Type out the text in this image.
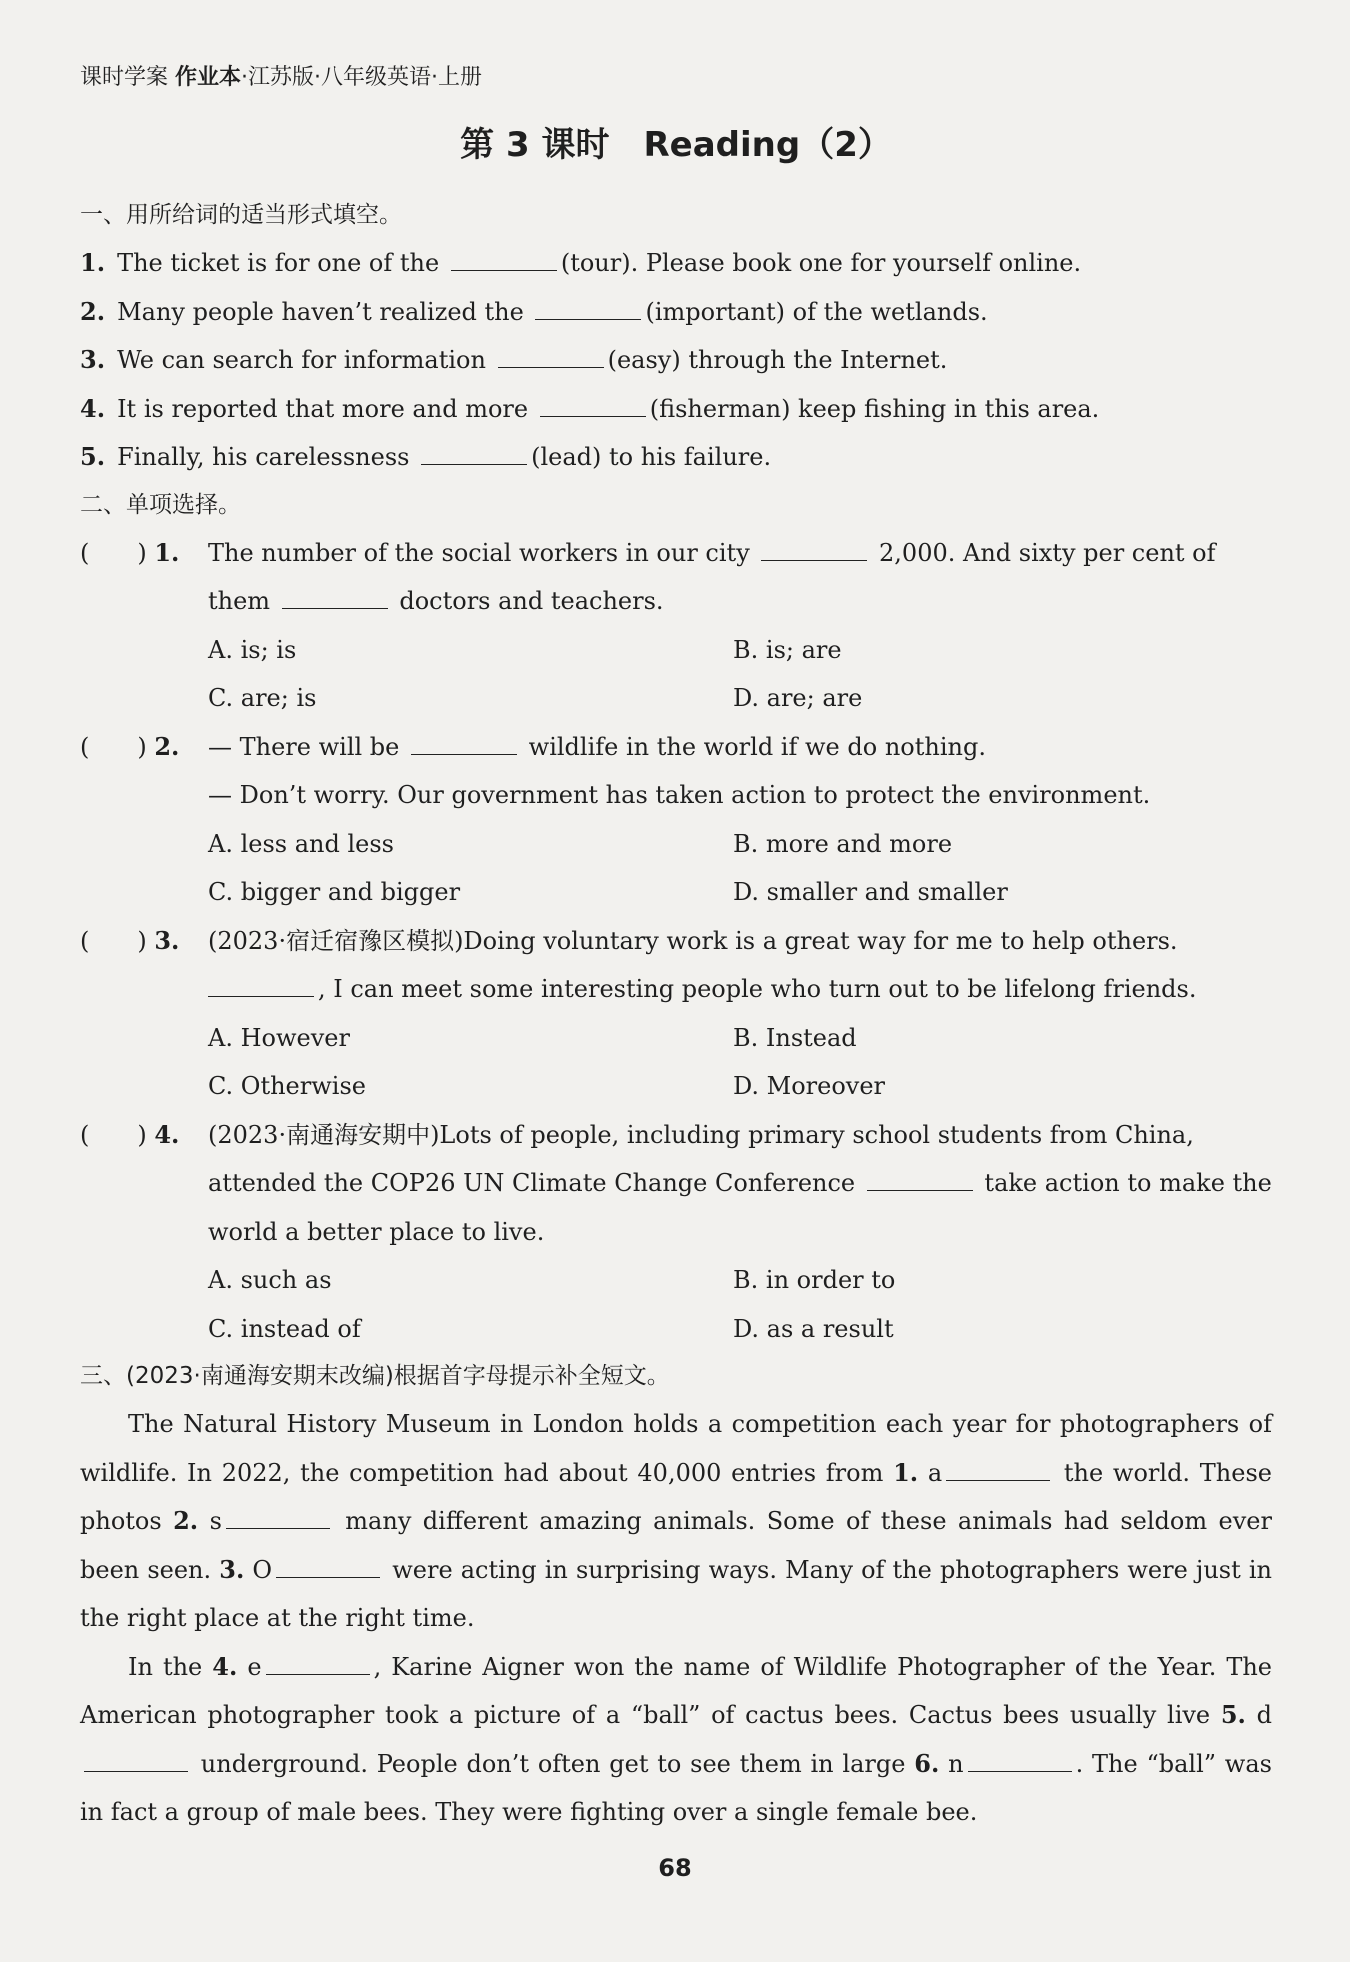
课时学案 作业本·江苏版·八年级英语·上册
第 3 课时　Reading（2）
一、用所给词的适当形式填空。
1. The ticket is for one of the	(tour). Please book one for yourself online.
2. Many people haven’t realized the	(important) of the wetlands.
3. We can search for information	(easy) through the Internet.
4. It is reported that more and more	(fisherman) keep fishing in this area.
5. Finally, his carelessness	(lead) to his failure.
二、单项选择。
(　　) 1.	The number of the social workers in our city	2,000. And sixty per cent of them	doctors and teachers.
A. is; is	B. is; are
C. are; is	D. are; are
(　　) 2.	— There will be	wildlife in the world if we do nothing.
— Don’t worry. Our government has taken action to protect the environment.
A. less and less	B. more and more
C. bigger and bigger	D. smaller and smaller
(　　) 3.	(2023·宿迁宿豫区模拟)Doing voluntary work is a great way for me to help others.
, I can meet some interesting people who turn out to be lifelong friends.
A. However	B. Instead
C. Otherwise	D. Moreover
(　　) 4.	(2023·南通海安期中)Lots of people, including primary school students from China, attended the COP26 UN Climate Change Conference	take action to make the world a better place to live.
A. such as	B. in order to
C. instead of	D. as a result
三、(2023·南通海安期末改编)根据首字母提示补全短文。

The Natural History Museum in London holds a competition each year for photographers of wildlife. In 2022, the competition had about 40,000 entries from 1. a	the world. These photos 2. s	many different amazing animals. Some of these animals had seldom ever been seen. 3. O	were acting in surprising ways. Many of the photographers were just in the right place at the right time.

In the 4. e	, Karine Aigner won the name of Wildlife Photographer of the Year. The American photographer took a picture of a “ball” of cactus bees. Cactus bees usually live 5. d underground. People don’t often get to see them in large 6. n	. The “ball” was in fact a group of male bees. They were fighting over a single female bee.

68
